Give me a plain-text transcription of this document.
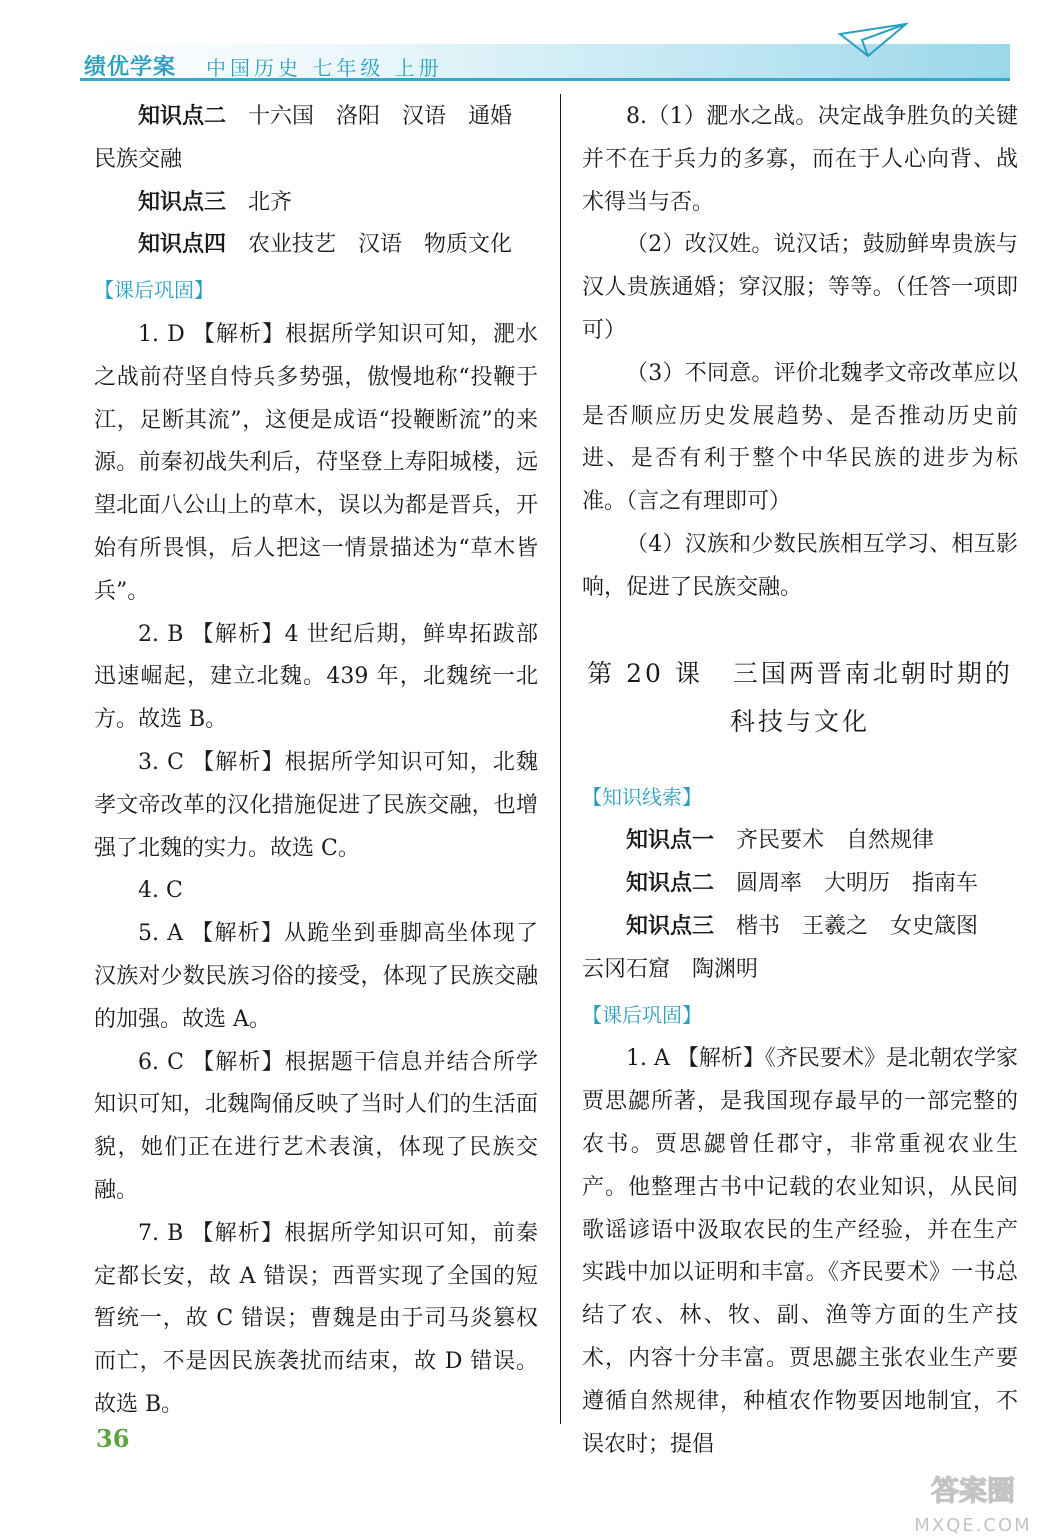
绩优学案 中国历史 七年级 上册

知识点二 十六国 洛阳 汉语 通婚

民族交融

知识点三 北齐

知识点四 农业技艺 汉语 物质文化

【课后巩固】

1. D 【解析】根据所学知识可知，淝水之战前苻坚自恃兵多势强，傲慢地称“投鞭于江，足断其流”，这便是成语“投鞭断流”的来源。前秦初战失利后，苻坚登上寿阳城楼，远望北面八公山上的草木，误以为都是晋兵，开始有所畏惧，后人把这一情景描述为“草木皆兵”。

2. B 【解析】4 世纪后期，鲜卑拓跋部迅速崛起，建立北魏。439 年，北魏统一北方。故选 B。

3. C 【解析】根据所学知识可知，北魏孝文帝改革的汉化措施促进了民族交融，也增强了北魏的实力。故选 C。

4. C

5. A 【解析】从跪坐到垂脚高坐体现了汉族对少数民族习俗的接受，体现了民族交融的加强。故选 A。

6. C 【解析】根据题干信息并结合所学知识可知，北魏陶俑反映了当时人们的生活面貌，她们正在进行艺术表演，体现了民族交融。

7. B 【解析】根据所学知识可知，前秦定都长安，故 A 错误；西晋实现了全国的短暂统一，故 C 错误；曹魏是由于司马炎篡权而亡，不是因民族袭扰而结束，故 D 错误。故选 B。

8.（1）淝水之战。决定战争胜负的关键并不在于兵力的多寡，而在于人心向背、战术得当与否。

（2）改汉姓。说汉话；鼓励鲜卑贵族与汉人贵族通婚；穿汉服；等等。（任答一项即可）

（3）不同意。评价北魏孝文帝改革应以是否顺应历史发展趋势、是否推动历史前进、是否有利于整个中华民族的进步为标准。（言之有理即可）

（4）汉族和少数民族相互学习、相互影响，促进了民族交融。

第 20 课 三国两晋南北朝时期的
科技与文化

【知识线索】

知识点一 齐民要术 自然规律

知识点二 圆周率 大明历 指南车

知识点三 楷书 王羲之 女史箴图

云冈石窟 陶渊明

【课后巩固】

1. A 【解析】《齐民要术》是北朝农学家贾思勰所著，是我国现存最早的一部完整的农书。贾思勰曾任郡守，非常重视农业生产。他整理古书中记载的农业知识，从民间歌谣谚语中汲取农民的生产经验，并在生产实践中加以证明和丰富。《齐民要术》一书总结了农、林、牧、副、渔等方面的生产技术，内容十分丰富。贾思勰主张农业生产要遵循自然规律，种植农作物要因地制宜，不误农时；提倡

36
答案圈
MXQE.COM
